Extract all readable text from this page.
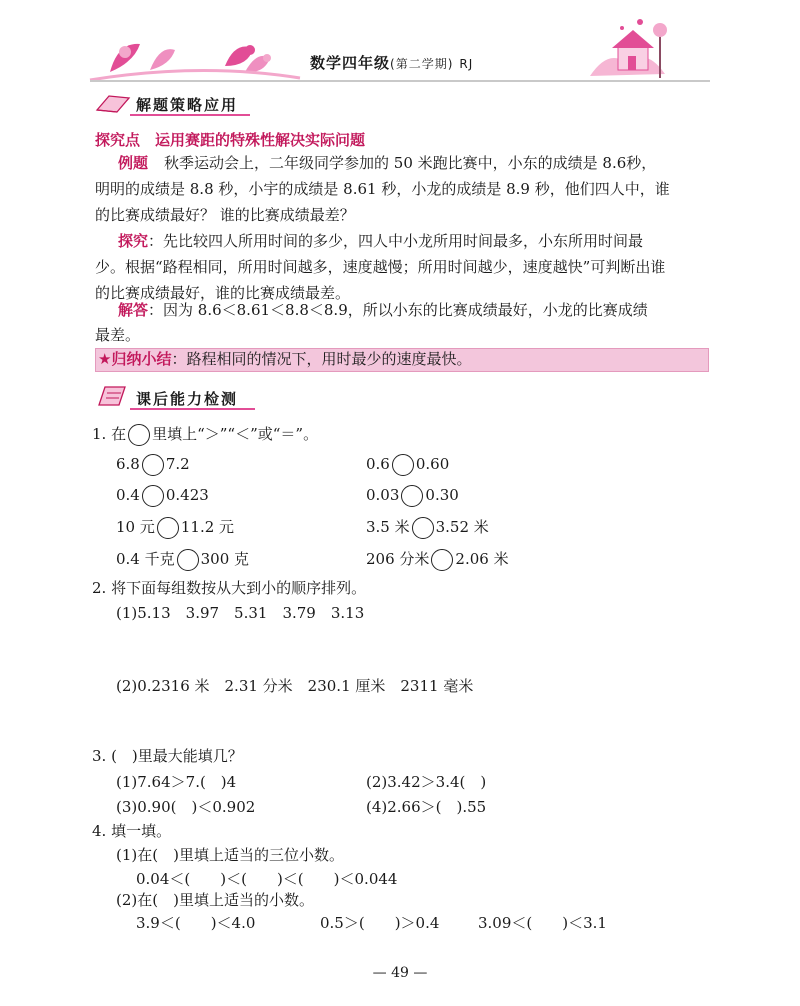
数学四年级(第二学期) RJ
解题策略应用
探究点　运用赛距的特殊性解决实际问题
例题 秋季运动会上，二年级同学参加的 50 米跑比赛中，小东的成绩是 8.6秒，
明明的成绩是 8.8 秒，小宇的成绩是 8.61 秒，小龙的成绩是 8.9 秒，他们四人中，谁
的比赛成绩最好？ 谁的比赛成绩最差？
探究：先比较四人所用时间的多少，四人中小龙所用时间最多，小东所用时间最
少。根据“路程相同，所用时间越多，速度越慢；所用时间越少，速度越快”可判断出谁
的比赛成绩最好，谁的比赛成绩最差。
解答：因为 8.6＜8.61＜8.8＜8.9，所以小东的比赛成绩最好，小龙的比赛成绩
最差。
★归纳小结：路程相同的情况下，用时最少的速度最快。
课后能力检测
1. 在 里填上“＞”“＜”或“＝”。
6.8 7.2	0.6 0.60
0.4 0.423	0.03 0.30
10 元 11.2 元	3.5 米 3.52 米
0.4 千克 300 克	206 分米 2.06 米
2. 将下面每组数按从大到小的顺序排列。
(1)5.13　3.97　5.31　3.79　3.13
(2)0.2316 米　2.31 分米　230.1 厘米　2311 毫米
3. (　)里最大能填几？
(1)7.64＞7.(　)4	(2)3.42＞3.4(　)
(3)0.90(　)＜0.902	(4)2.66＞(　).55
4. 填一填。
(1)在(　)里填上适当的三位小数。
0.04＜(　　)＜(　　)＜(　　)＜0.044
(2)在(　)里填上适当的小数。
3.9＜(　　)＜4.0	0.5＞(　　)＞0.4	3.09＜(　　)＜3.1
— 49 —
